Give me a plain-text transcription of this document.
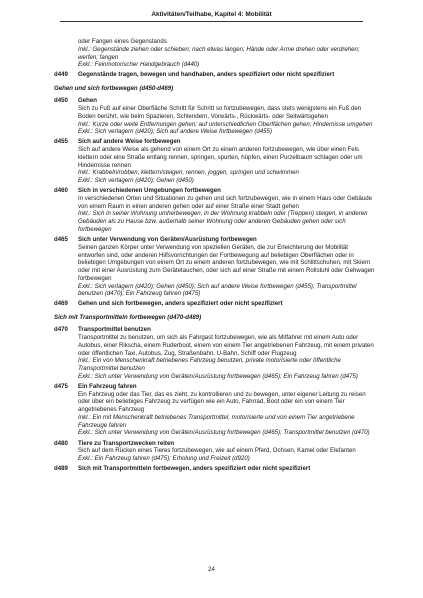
Aktivitäten/Teilhabe, Kapitel 4: Mobilität
oder Fangen eines Gegenstands
Inkl.: Gegenstände ziehen oder schieben; nach etwas langen; Hände oder Arme drehen oder verdrehen; werfen; fangen
Exkl.: Feinmotorischer Handgebrauch (d440)
d449	Gegenstände tragen, bewegen und handhaben, anders spezifiziert oder nicht spezifiziert
Gehen und sich fortbewegen (d450-d469)
d450	Gehen
Sich zu Fuß auf einer Oberfläche Schritt für Schritt so fortzubewegen, dass stets wenigstens ein Fuß den Boden berührt, wie beim Spazieren, Schlendern, Vorwärts-, Rückwärts- oder Seitwärtsgehen
Inkl.: Kurze oder weite Entfernungen gehen; auf unterschiedlichen Oberflächen gehen; Hindernisse umgehen
Exkl.: Sich verlagern (d420); Sich auf andere Weise fortbewegen (d455)
d455	Sich auf andere Weise fortbewegen
Sich auf andere Weise als gehend von einem Ort zu einem anderen fortzubewegen, wie über einen Fels klettern oder eine Straße entlang rennen, springen, spurten, hüpfen, einen Purzelbaum schlagen oder um Hindernisse rennen
Inkl.: Krabbeln/robben, klettern/steigen, rennen, joggen, springen und schwimmen
Exkl.: Sich verlagern (d420); Gehen (d450)
d460	Sich in verschiedenen Umgebungen fortbewegen
In verschiedenen Orten und Situationen zu gehen und sich fortzubewegen, wie in einem Haus oder Gebäude von einem Raum in einen anderen gehen oder auf einer Straße einer Stadt gehen
Inkl.: Sich in seiner Wohnung umherbewegen, in der Wohnung krabbeln oder (Treppen) steigen, in anderen Gebäuden als zu Hause bzw. außerhalb seiner Wohnung oder anderen Gebäuden gehen oder sich fortbewegen
d465	Sich unter Verwendung von Geräten/Ausrüstung fortbewegen
Seinen ganzen Körper unter Verwendung von speziellen Geräten, die zur Erleichterung der Mobilität entworfen sind, oder anderen Hilfsvorrichtungen der Fortbewegung auf beliebigen Oberflächen oder in beliebigen Umgebungen von einem Ort zu einem anderen fortzubewegen, wie mit Schlittschuhen, mit Skiern oder mit einer Ausrüstung zum Gerätetauchen, oder sich auf einer Straße mit einem Rollstuhl oder Gehwagen fortbewegen
Exkl.: Sich verlagern (d420); Gehen (d450); Sich auf andere Weise fortbewegen (d455); Transportmittel benutzen (d470); Ein Fahrzeug fahren (d475)
d469	Gehen und sich fortbewegen, anders spezifiziert oder nicht spezifiziert
Sich mit Transportmitteln fortbewegen (d470-d489)
d470	Transportmittel benutzen
Transportmittel zu benutzen, um sich als Fahrgast fortzubewegen, wie als Mitfahrer mit einem Auto oder Autobus, einer Rikscha, einem Ruderboot, einem von einem Tier angetriebenen Fahrzeug, mit einem privaten oder öffentlichen Taxi, Autobus, Zug, Straßenbahn, U-Bahn, Schiff oder Flugzeug
Inkl.: Ein von Menschenkraft betriebenes Fahrzeug benutzen, private motorisierte oder öffentliche Transportmittel benutzen
Exkl.: Sich unter Verwendung von Geräten/Ausrüstung fortbewegen (d465); Ein Fahrzeug fahren (d475)
d475	Ein Fahrzeug fahren
Ein Fahrzeug oder das Tier, das es zieht, zu kontrollieren und zu bewegen, unter eigener Leitung zu reisen oder über ein beliebiges Fahrzeug zu verfügen wie ein Auto, Fahrrad, Boot oder ein von einem Tier angetriebenes Fahrzeug
Inkl.: Ein mit Menschenkraft betriebenes Transportmittel, motorisierte und von einem Tier angetriebene Fahrzeuge fahren
Exkl.: Sich unter Verwendung von Geräten/Ausrüstung fortbewegen (d465); Transportmittel benutzen (d470)
d480	Tiere zu Transportzwecken reiten
Sich auf dem Rücken eines Tieres fortzubewegen, wie auf einem Pferd, Ochsen, Kamel oder Elefanten
Exkl.: Ein Fahrzeug fahren (d475); Erholung und Freizeit (d920)
d489	Sich mit Transportmitteln fortbewegen, anders spezifiziert oder nicht spezifiziert
24
